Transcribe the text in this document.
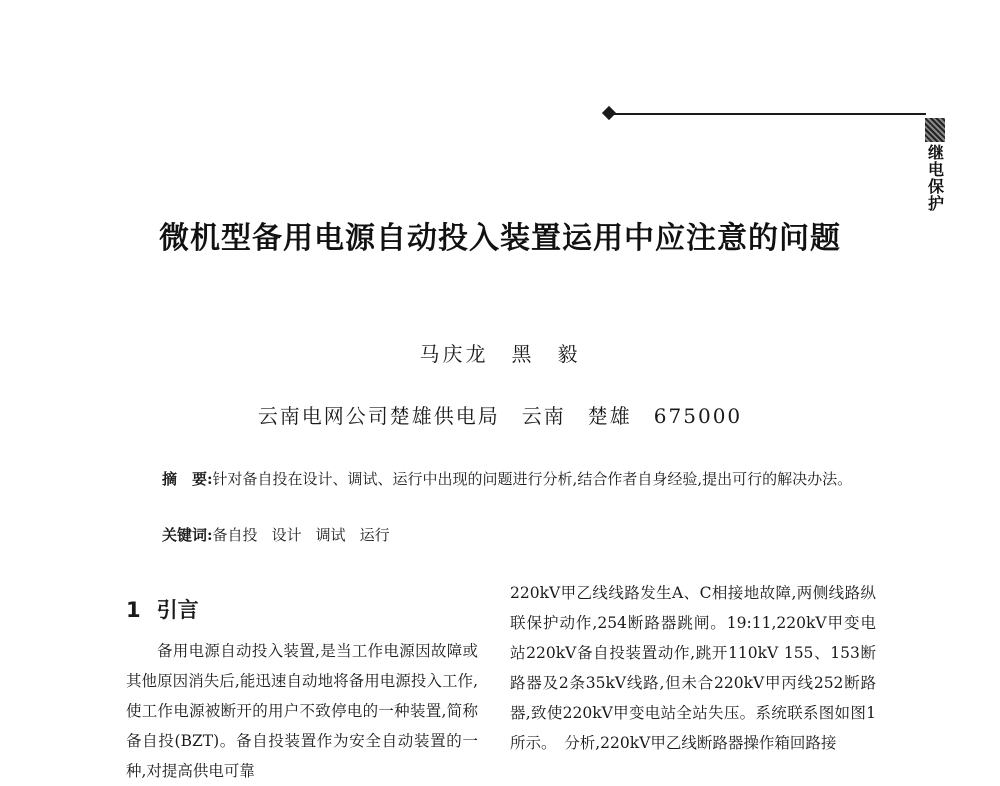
继电保护
微机型备用电源自动投入装置运用中应注意的问题
马庆龙　黑　毅
云南电网公司楚雄供电局　云南　楚雄　675000

摘　要:针对备自投在设计、调试、运行中出现的问题进行分析,结合作者自身经验,提出可行的解决办法。

关键词:备自投 设计 调试 运行
1 引言

备用电源自动投入装置,是当工作电源因故障或其他原因消失后,能迅速自动地将备用电源投入工作,使工作电源被断开的用户不致停电的一种装置,简称备自投(BZT)。备自投装置作为安全自动装置的一种,对提高供电可靠

220kV甲乙线线路发生A、C相接地故障,两侧线路纵联保护动作,254断路器跳闸。19:11,220kV甲变电站220kV备自投装置动作,跳开110kV 155、153断路器及2条35kV线路,但未合220kV甲丙线252断路器,致使220kV甲变电站全站失压。系统联系图如图1所示。　分析,220kV甲乙线断路器操作箱回路接
